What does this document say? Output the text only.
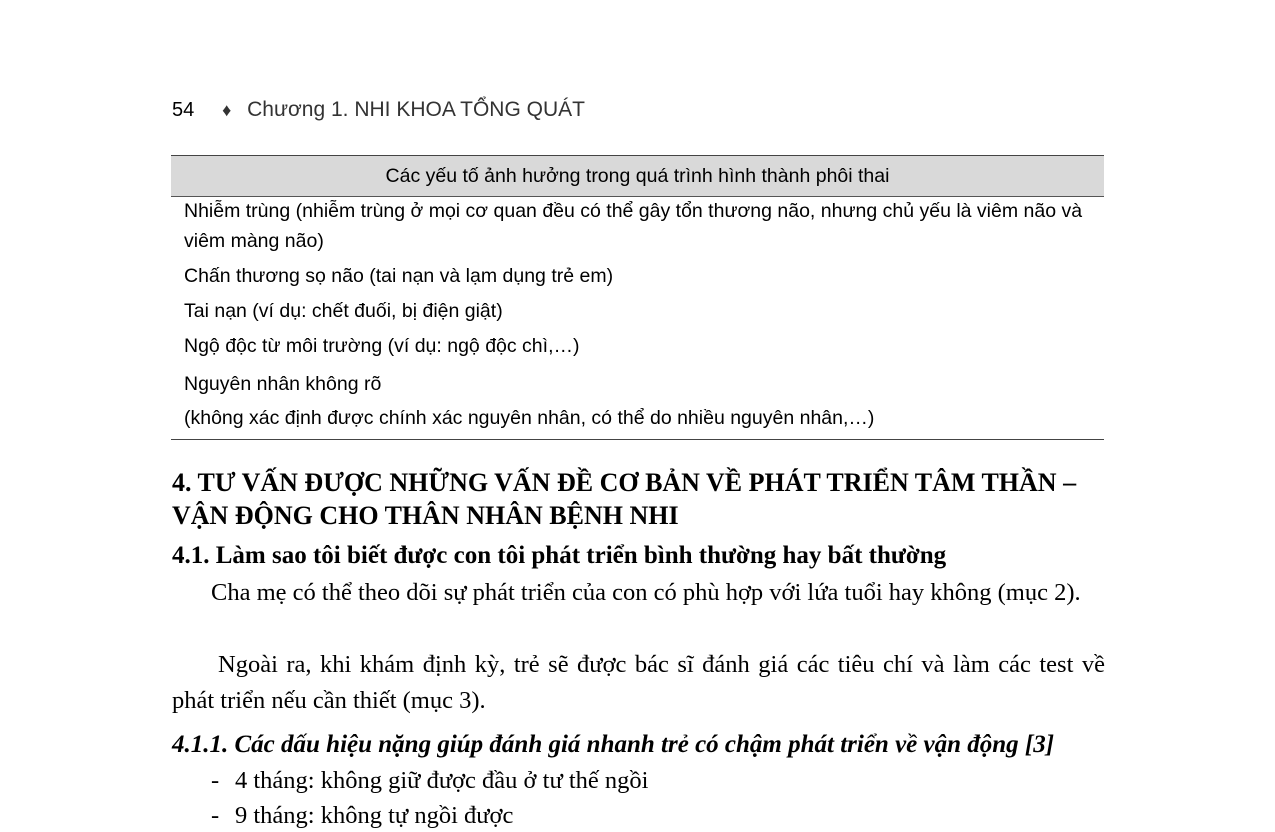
54 ♦ Chương 1. NHI KHOA TỔNG QUÁT
Các yếu tố ảnh hưởng trong quá trình hình thành phôi thai
Nhiễm trùng (nhiễm trùng ở mọi cơ quan đều có thể gây tổn thương não, nhưng chủ yếu là viêm não và viêm màng não)
Chấn thương sọ não (tai nạn và lạm dụng trẻ em)
Tai nạn (ví dụ: chết đuối, bị điện giật)
Ngộ độc từ môi trường (ví dụ: ngộ độc chì,…)
Nguyên nhân không rõ
(không xác định được chính xác nguyên nhân, có thể do nhiều nguyên nhân,…)
4. TƯ VẤN ĐƯỢC NHỮNG VẤN ĐỀ CƠ BẢN VỀ PHÁT TRIỂN TÂM THẦN – VẬN ĐỘNG CHO THÂN NHÂN BỆNH NHI
4.1. Làm sao tôi biết được con tôi phát triển bình thường hay bất thường
Cha mẹ có thể theo dõi sự phát triển của con có phù hợp với lứa tuổi hay không (mục 2).
Ngoài ra, khi khám định kỳ, trẻ sẽ được bác sĩ đánh giá các tiêu chí và làm các test về phát triển nếu cần thiết (mục 3).
4.1.1. Các dấu hiệu nặng giúp đánh giá nhanh trẻ có chậm phát triển về vận động [3]
- 4 tháng: không giữ được đầu ở tư thế ngồi
- 9 tháng: không tự ngồi được
